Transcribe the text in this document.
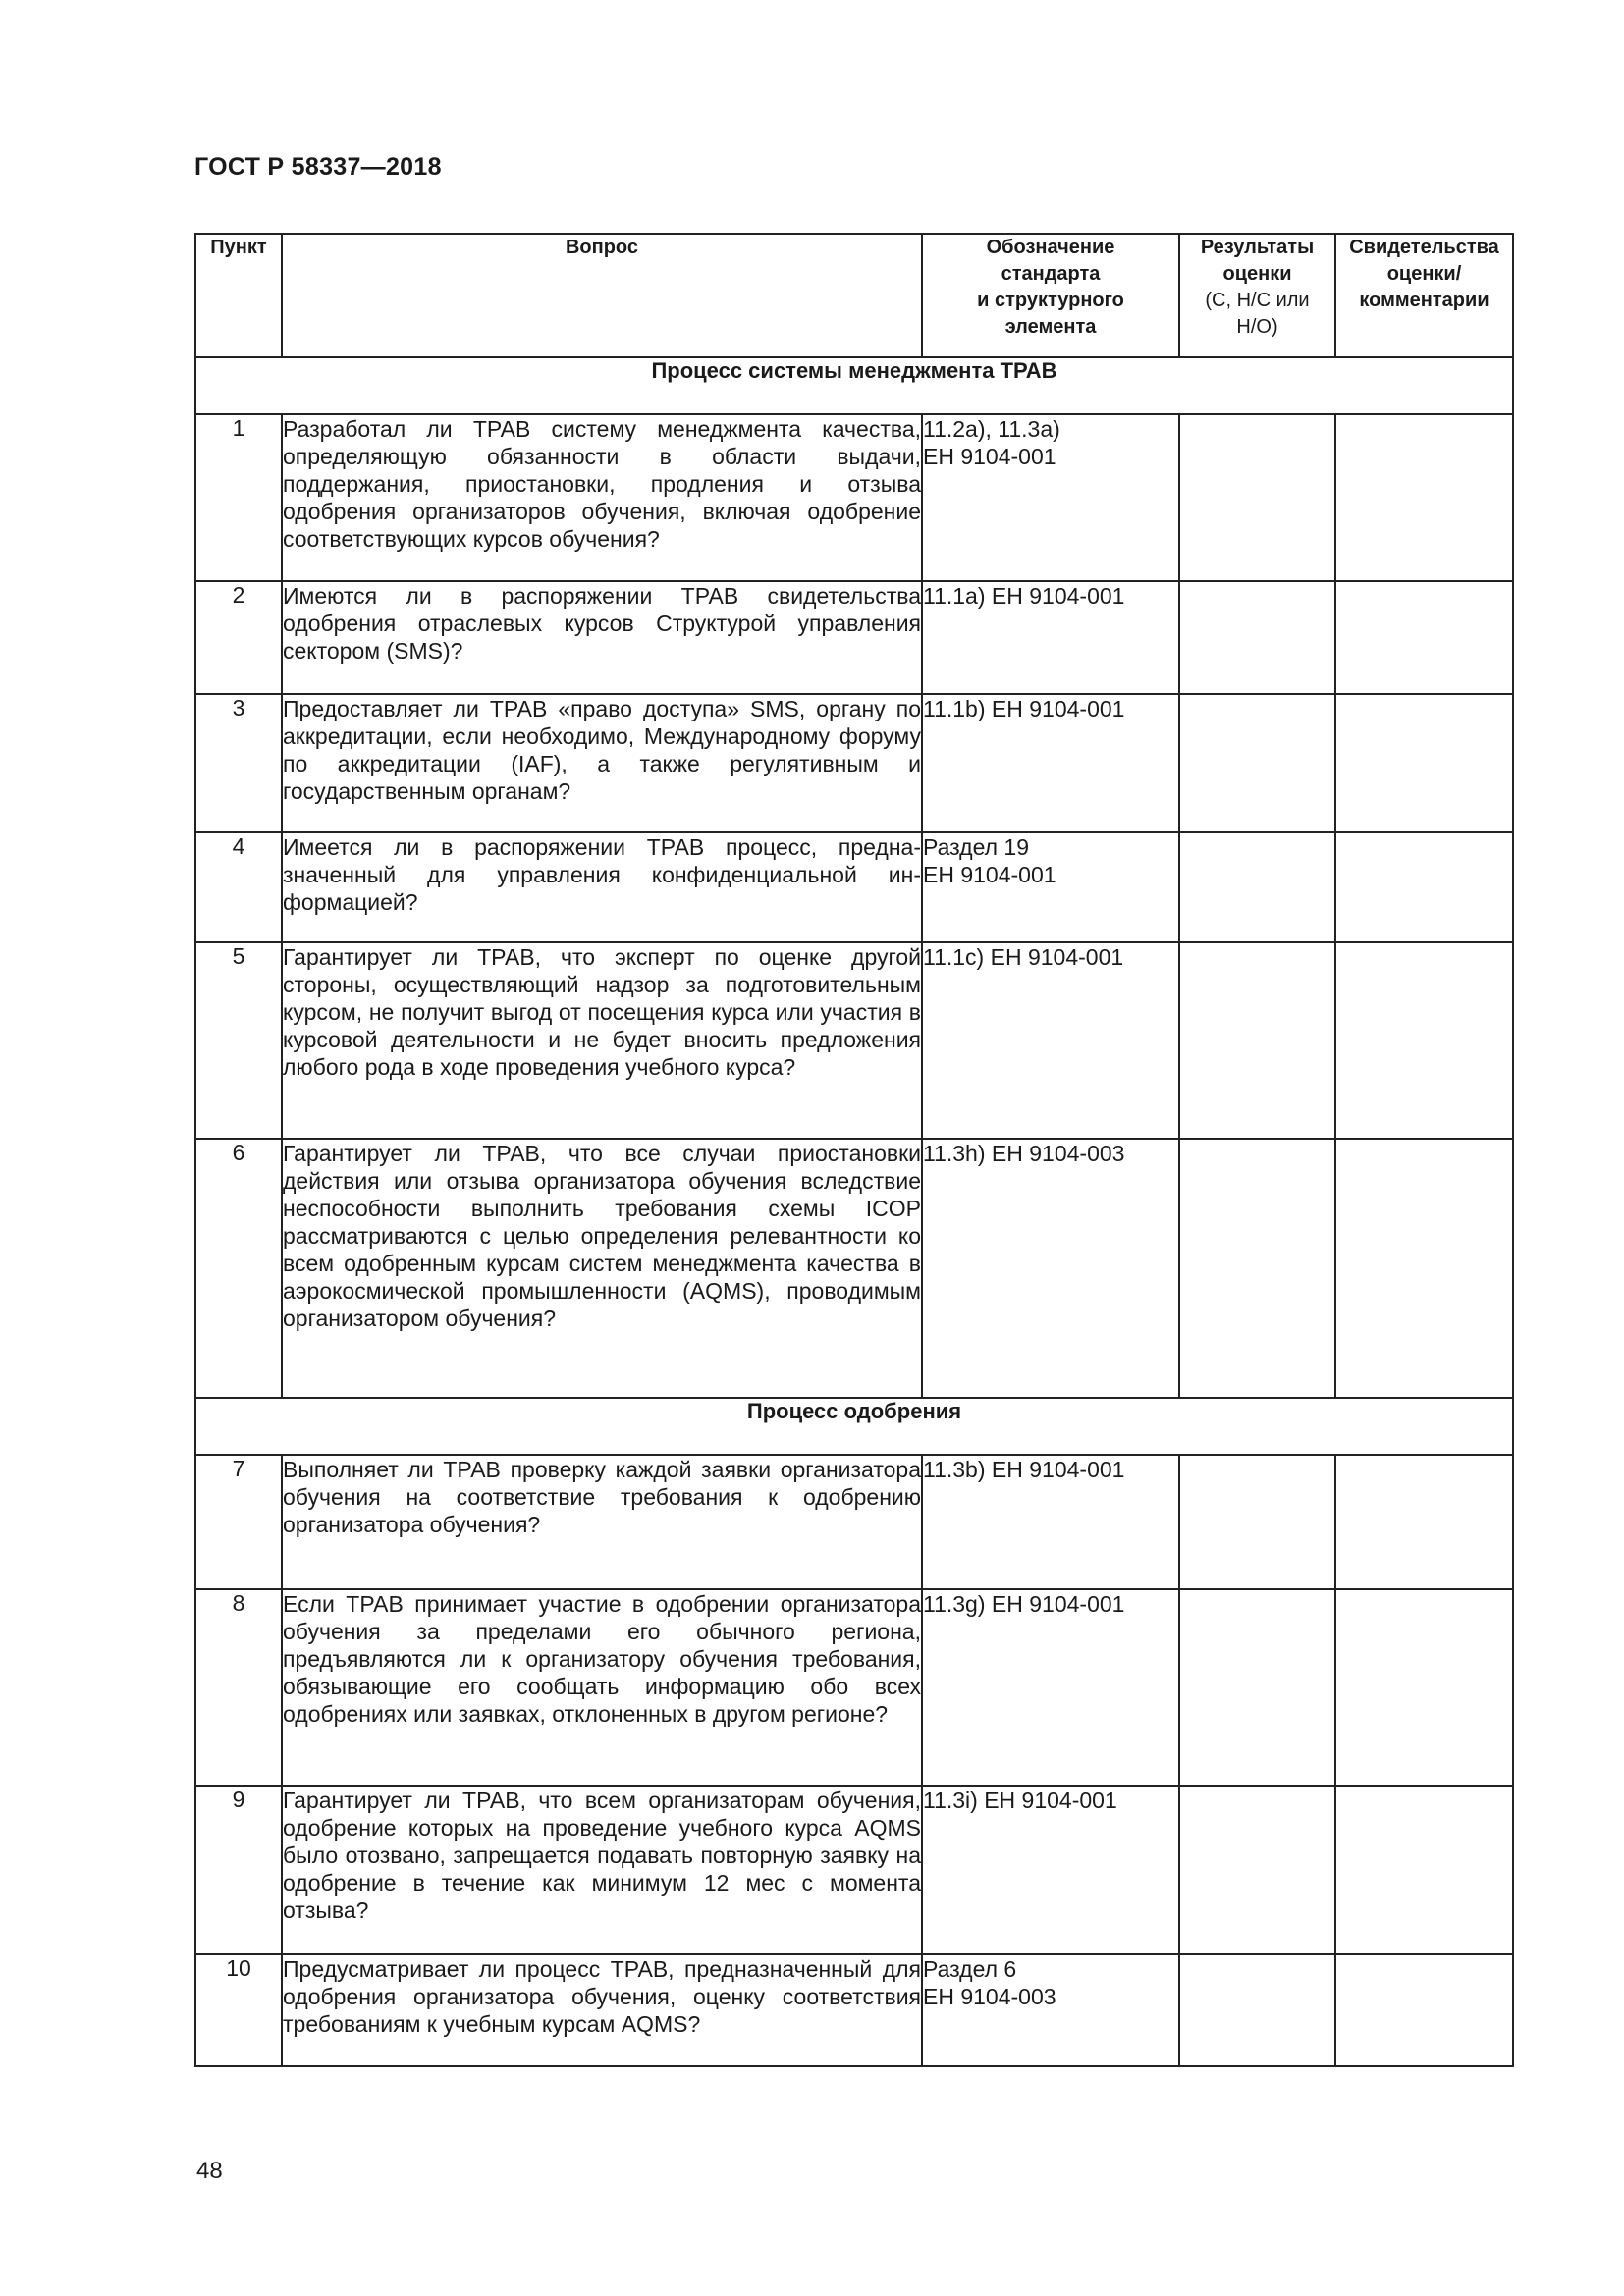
ГОСТ Р 58337—2018
Пункт	Вопрос	Обозначение
стандарта
и структурного
элемента	Результаты
оценки
(С, Н/С или
Н/О)	Свидетельства
оценки/
комментарии

Процесс системы менеджмента ТРАВ				
1	Разработал ли ТРАВ систему менеджмента качества, определяющую обязанности в области выдачи, поддержания, приостановки, продления и отзыва одобрения организаторов обучения, включая одобрение соответствующих курсов обучения?	11.2а), 11.3а)
ЕН 9104-001		

2	Имеются ли в распоряжении ТРАВ свидетельства одобрения отраслевых курсов Структурой управления сектором (SMS)?	11.1а) ЕН 9104-001		

3	Предоставляет ли ТРАВ «право доступа» SMS, органу по аккредитации, если необходимо, Международному форуму по аккредитации (IAF), а также регулятивным и государственным органам?	11.1b) ЕН 9104-001		

4	Имеется ли в распоряжении ТРАВ процесс, предназначенный для управления конфиденциальной информацией?	Раздел 19
ЕН 9104-001		

5	Гарантирует ли ТРАВ, что эксперт по оценке другой стороны, осуществляющий надзор за подготовительным курсом, не получит выгод от посещения курса или участия в курсовой деятельности и не будет вносить предложения любого рода в ходе проведения учебного курса?	11.1с) ЕН 9104-001		

6	Гарантирует ли ТРАВ, что все случаи приостановки действия или отзыва организатора обучения вследствие неспособности выполнить требования схемы ICOP рассматриваются с целью определения релевантности ко всем одобренным курсам систем менеджмента качества в аэрокосмической промышленности (AQMS), проводимым организатором обучения?	11.3h) ЕН 9104-003		

Процесс одобрения				
7	Выполняет ли ТРАВ проверку каждой заявки организатора обучения на соответствие требования к одобрению организатора обучения?	11.3b) ЕН 9104-001		

8	Если ТРАВ принимает участие в одобрении организатора обучения за пределами его обычного региона, предъявляются ли к организатору обучения требования, обязывающие его сообщать информацию обо всех одобрениях или заявках, отклоненных в другом регионе?	11.3g) ЕН 9104-001		

9	Гарантирует ли ТРАВ, что всем организаторам обучения, одобрение которых на проведение учебного курса AQMS было отозвано, запрещается подавать повторную заявку на одобрение в течение как минимум 12 мес с момента отзыва?	11.3i) ЕН 9104-001		

10	Предусматривает ли процесс ТРАВ, предназначенный для одобрения организатора обучения, оценку соответствия требованиям к учебным курсам AQMS?	Раздел 6
ЕН 9104-003		

48
